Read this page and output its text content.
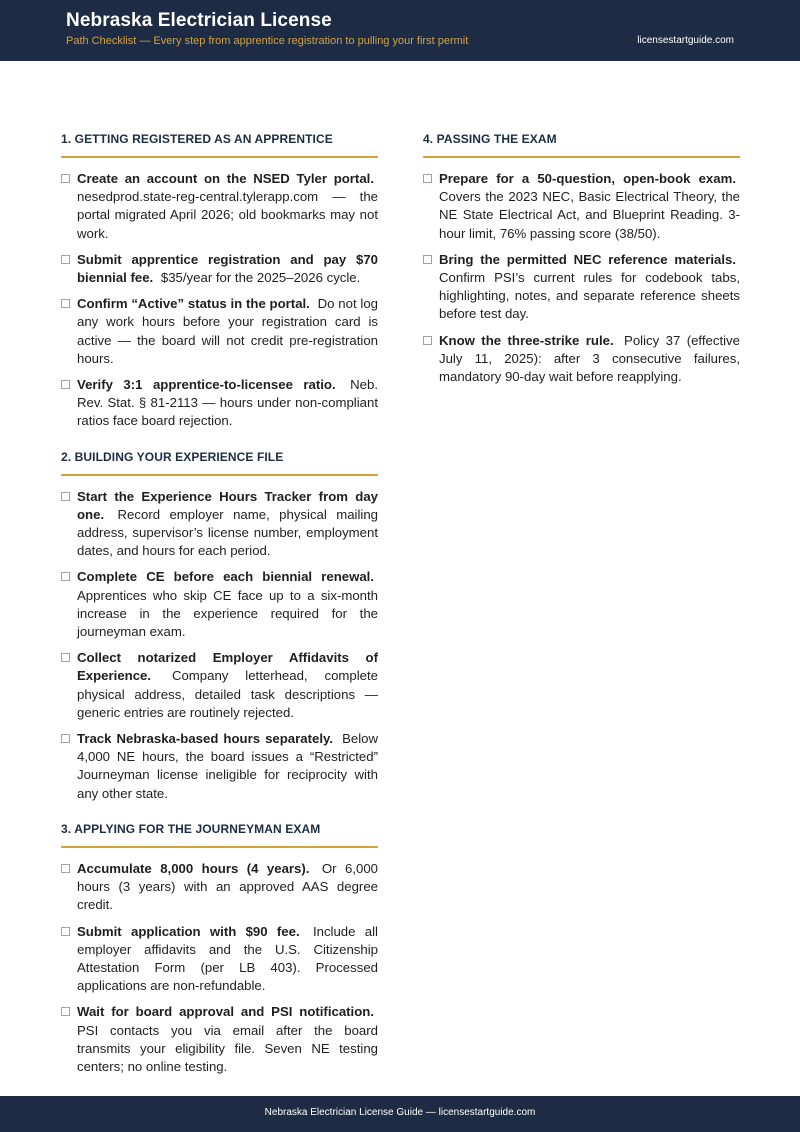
Nebraska Electrician License
Path Checklist — Every step from apprentice registration to pulling your first permit	licensestartguide.com
1. GETTING REGISTERED AS AN APPRENTICE
Create an account on the NSED Tyler portal. nesedprod.state-reg-central.tylerapp.com — the portal migrated April 2026; old bookmarks may not work.
Submit apprentice registration and pay $70 biennial fee. $35/year for the 2025–2026 cycle.
Confirm “Active” status in the portal. Do not log any work hours before your registration card is active — the board will not credit pre-registration hours.
Verify 3:1 apprentice-to-licensee ratio. Neb. Rev. Stat. § 81-2113 — hours under non-compliant ratios face board rejection.
2. BUILDING YOUR EXPERIENCE FILE
Start the Experience Hours Tracker from day one. Record employer name, physical mailing address, supervisor’s license number, employment dates, and hours for each period.
Complete CE before each biennial renewal. Apprentices who skip CE face up to a six-month increase in the experience required for the journeyman exam.
Collect notarized Employer Affidavits of Experience. Company letterhead, complete physical address, detailed task descriptions — generic entries are routinely rejected.
Track Nebraska-based hours separately. Below 4,000 NE hours, the board issues a “Restricted” Journeyman license ineligible for reciprocity with any other state.
3. APPLYING FOR THE JOURNEYMAN EXAM
Accumulate 8,000 hours (4 years). Or 6,000 hours (3 years) with an approved AAS degree credit.
Submit application with $90 fee. Include all employer affidavits and the U.S. Citizenship Attestation Form (per LB 403). Processed applications are non-refundable.
Wait for board approval and PSI notification. PSI contacts you via email after the board transmits your eligibility file. Seven NE testing centers; no online testing.
4. PASSING THE EXAM
Prepare for a 50-question, open-book exam. Covers the 2023 NEC, Basic Electrical Theory, the NE State Electrical Act, and Blueprint Reading. 3-hour limit, 76% passing score (38/50).
Bring the permitted NEC reference materials. Confirm PSI’s current rules for codebook tabs, highlighting, notes, and separate reference sheets before test day.
Know the three-strike rule. Policy 37 (effective July 11, 2025): after 3 consecutive failures, mandatory 90-day wait before reapplying.
Nebraska Electrician License Guide — licensestartguide.com
